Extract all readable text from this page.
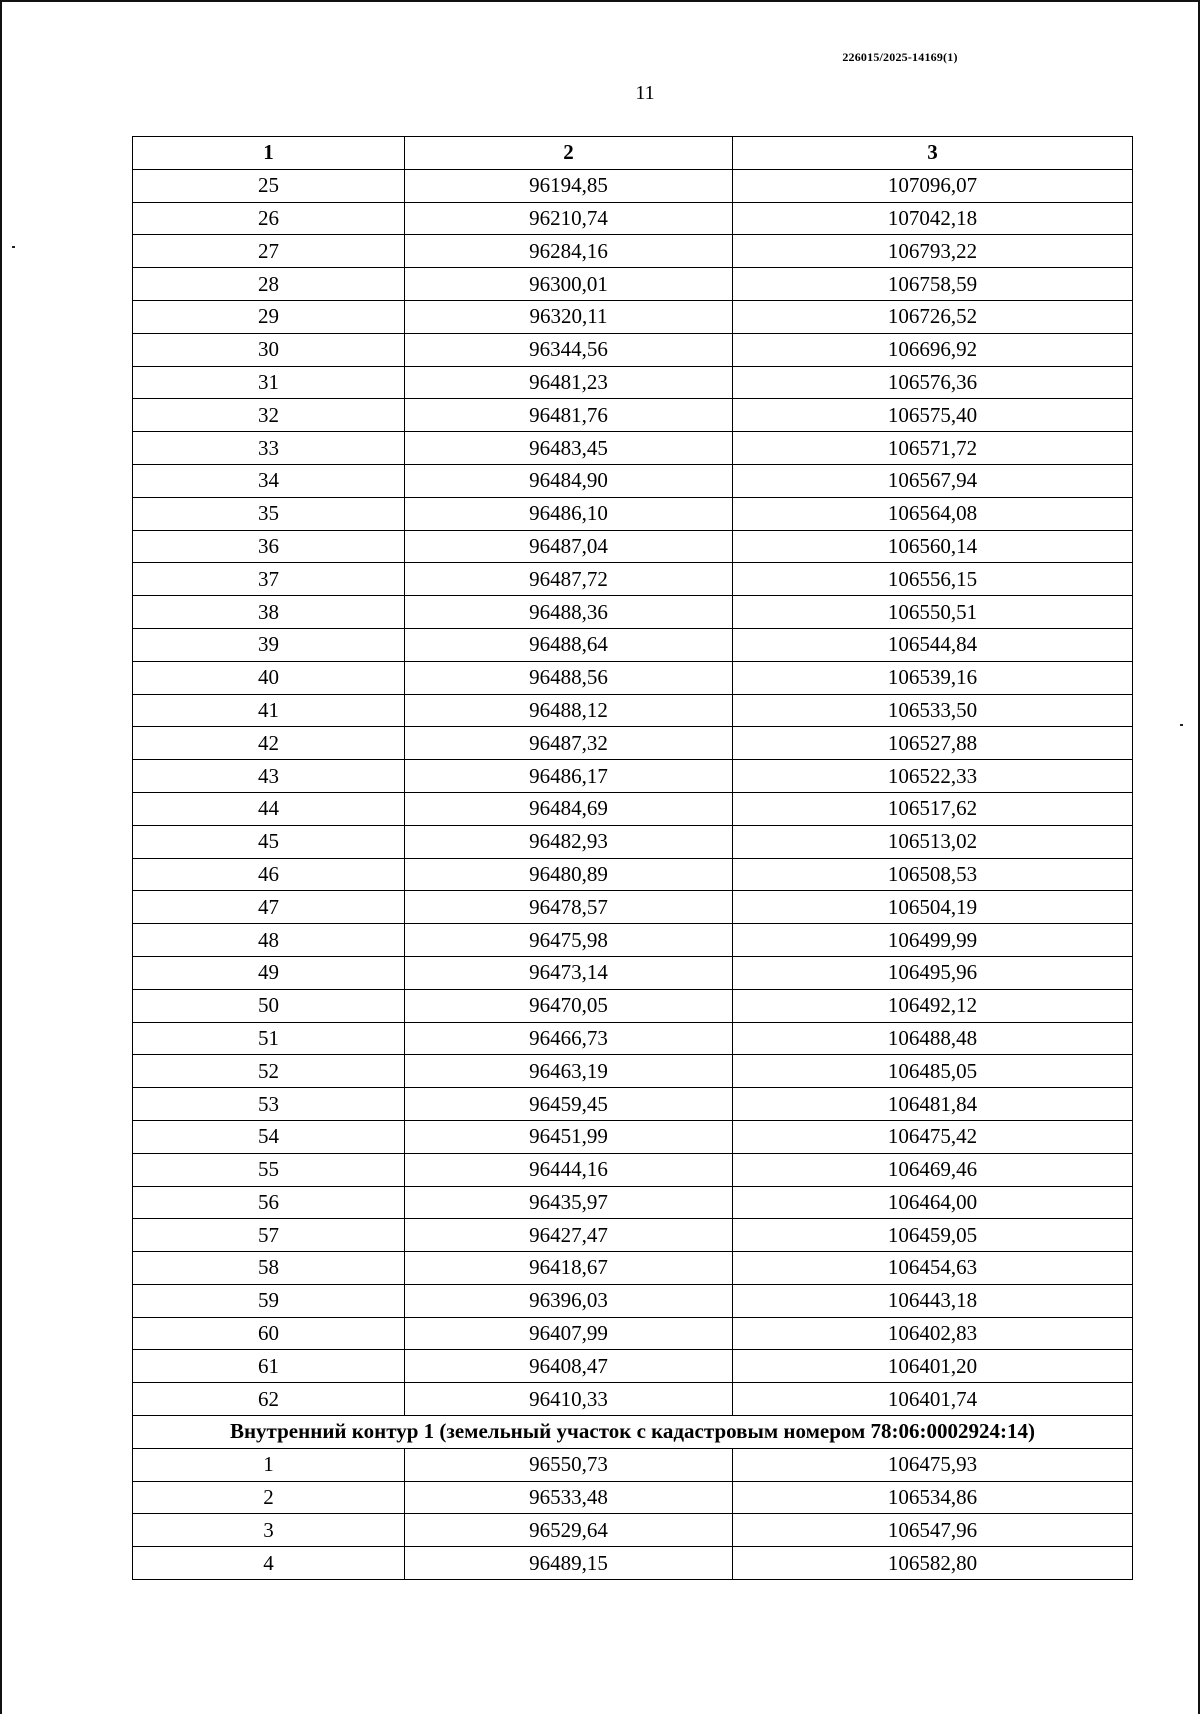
226015/2025-14169(1)
11
1	2	3
25	96194,85	107096,07
26	96210,74	107042,18
27	96284,16	106793,22
28	96300,01	106758,59
29	96320,11	106726,52
30	96344,56	106696,92
31	96481,23	106576,36
32	96481,76	106575,40
33	96483,45	106571,72
34	96484,90	106567,94
35	96486,10	106564,08
36	96487,04	106560,14
37	96487,72	106556,15
38	96488,36	106550,51
39	96488,64	106544,84
40	96488,56	106539,16
41	96488,12	106533,50
42	96487,32	106527,88
43	96486,17	106522,33
44	96484,69	106517,62
45	96482,93	106513,02
46	96480,89	106508,53
47	96478,57	106504,19
48	96475,98	106499,99
49	96473,14	106495,96
50	96470,05	106492,12
51	96466,73	106488,48
52	96463,19	106485,05
53	96459,45	106481,84
54	96451,99	106475,42
55	96444,16	106469,46
56	96435,97	106464,00
57	96427,47	106459,05
58	96418,67	106454,63
59	96396,03	106443,18
60	96407,99	106402,83
61	96408,47	106401,20
62	96410,33	106401,74
Внутренний контур 1 (земельный участок с кадастровым номером 78:06:0002924:14)		
1	96550,73	106475,93
2	96533,48	106534,86
3	96529,64	106547,96
4	96489,15	106582,80
